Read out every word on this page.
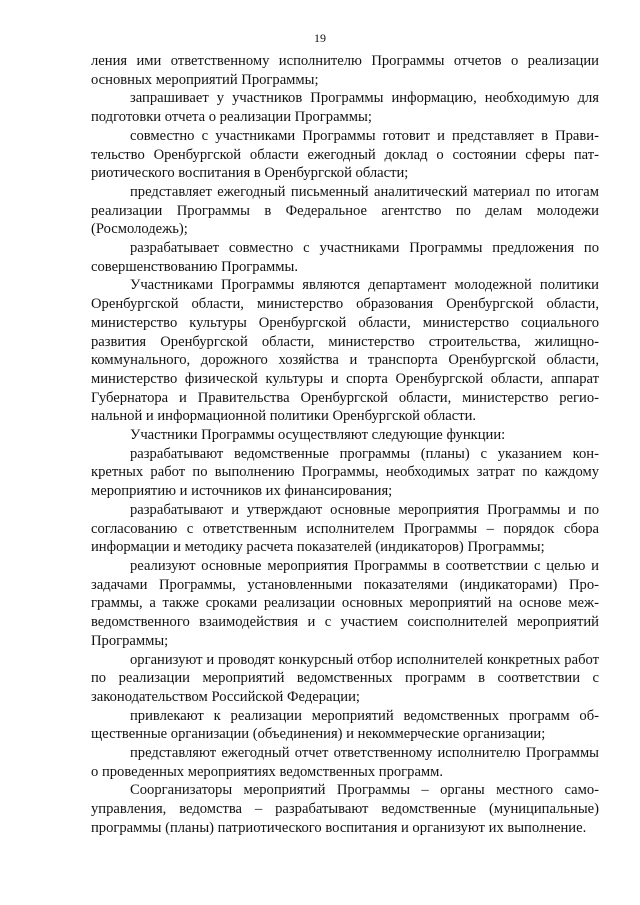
19

ления ими ответственному исполнителю Программы отчетов о реализации основных мероприятий Программы;

запрашивает у участников Программы информацию, необходимую для подготовки отчета о реализации Программы;

совместно с участниками Программы готовит и представляет в Правительство Оренбургской области ежегодный доклад о состоянии сферы патриотического воспитания в Оренбургской области;

представляет ежегодный письменный аналитический материал по итогам реализации Программы в Федеральное агентство по делам молодежи (Росмолодежь);

разрабатывает совместно с участниками Программы предложения по совершенствованию Программы.

Участниками Программы являются департамент молодежной политики Оренбургской области, министерство образования Оренбургской области, министерство культуры Оренбургской области, министерство социального развития Оренбургской области, министерство строительства, жилищно-коммунального, дорожного хозяйства и транспорта Оренбургской области, министерство физической культуры и спорта Оренбургской области, аппарат Губернатора и Правительства Оренбургской области, министерство региональной и информационной политики Оренбургской области.

Участники Программы осуществляют следующие функции:

разрабатывают ведомственные программы (планы) с указанием конкретных работ по выполнению Программы, необходимых затрат по каждому мероприятию и источников их финансирования;

разрабатывают и утверждают основные мероприятия Программы и по согласованию с ответственным исполнителем Программы – порядок сбора информации и методику расчета показателей (индикаторов) Программы;

реализуют основные мероприятия Программы в соответствии с целью и задачами Программы, установленными показателями (индикаторами) Программы, а также сроками реализации основных мероприятий на основе межведомственного взаимодействия и с участием соисполнителей мероприятий Программы;

организуют и проводят конкурсный отбор исполнителей конкретных работ по реализации мероприятий ведомственных программ в соответствии с законодательством Российской Федерации;

привлекают к реализации мероприятий ведомственных программ общественные организации (объединения) и некоммерческие организации;

представляют ежегодный отчет ответственному исполнителю Программы о проведенных мероприятиях ведомственных программ.

Соорганизаторы мероприятий Программы – органы местного самоуправления, ведомства – разрабатывают ведомственные (муниципальные) программы (планы) патриотического воспитания и организуют их выполнение.
